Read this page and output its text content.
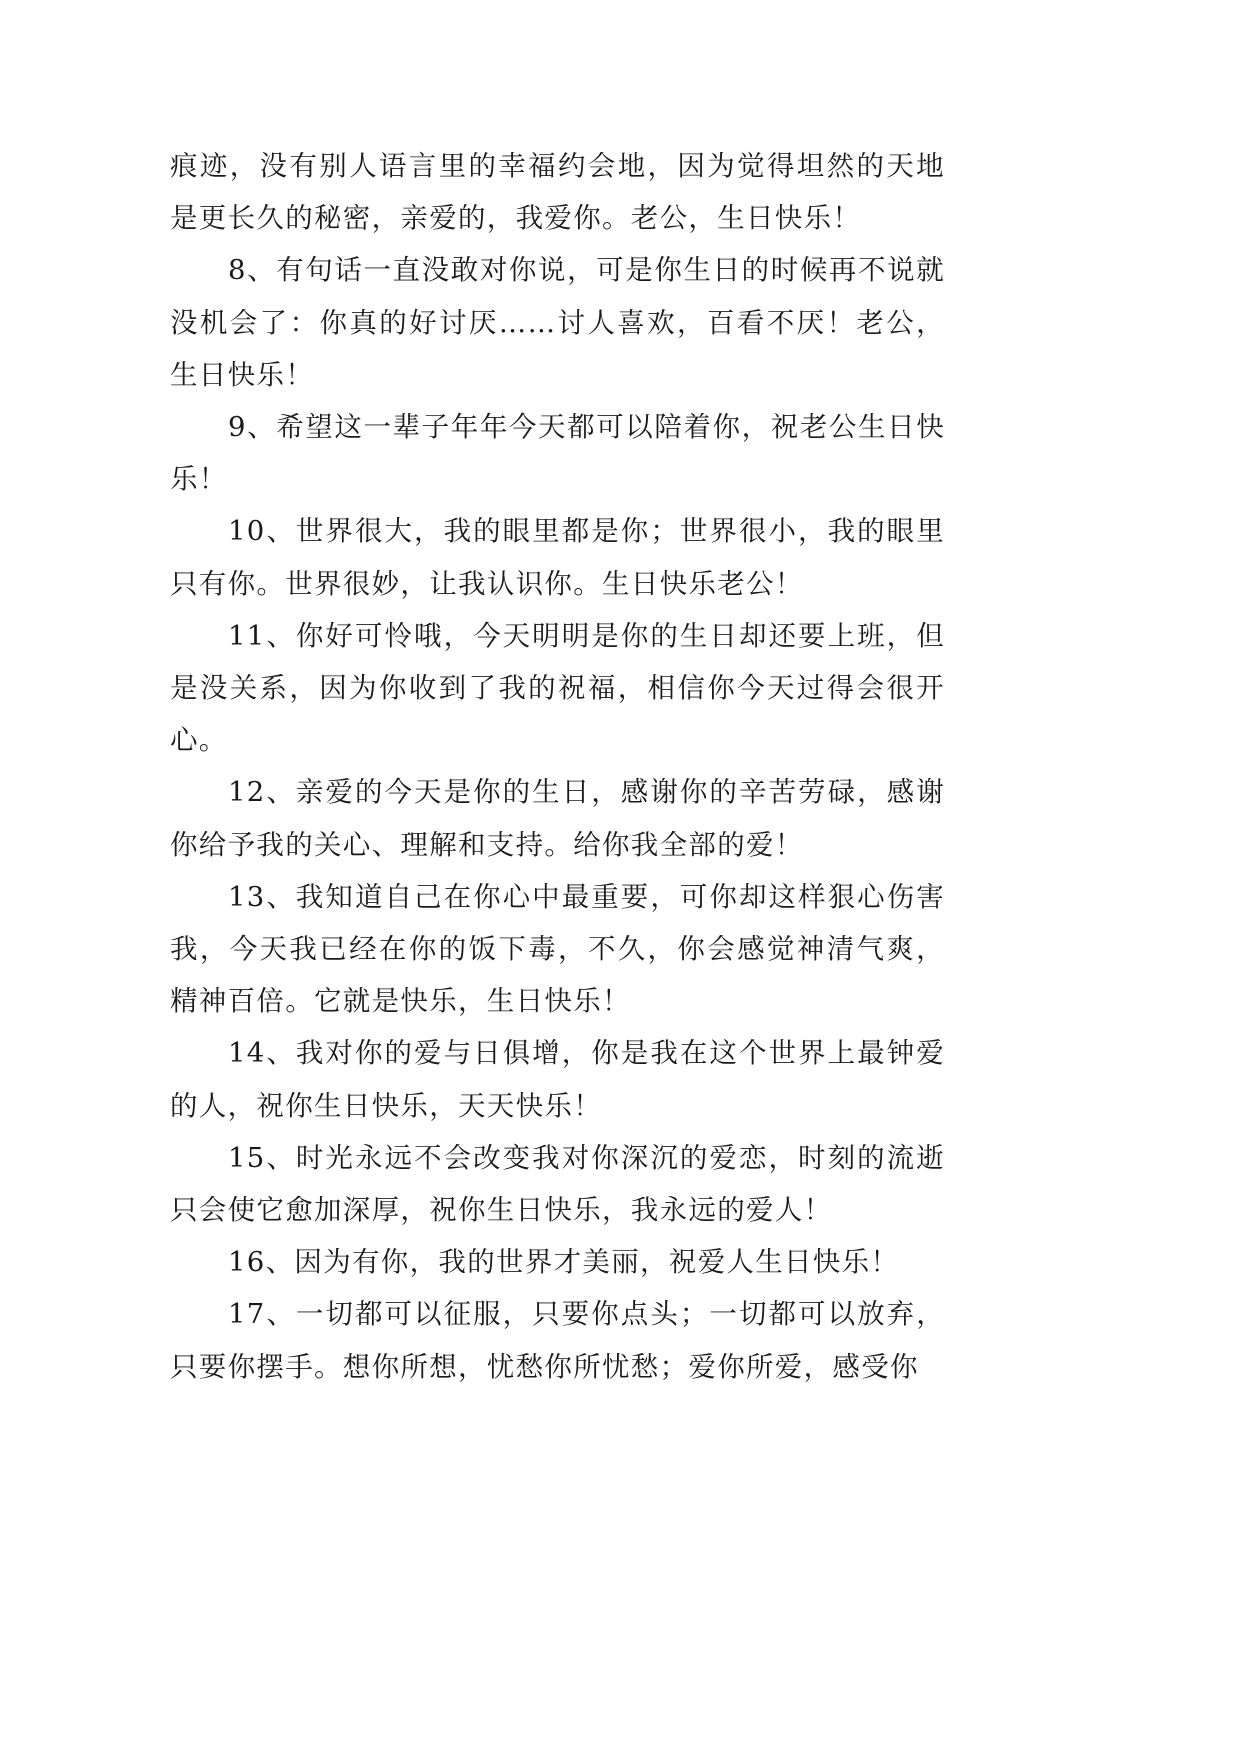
痕迹，没有别人语言里的幸福约会地，因为觉得坦然的天地是更长久的秘密，亲爱的，我爱你。老公，生日快乐！

8、有句话一直没敢对你说，可是你生日的时候再不说就没机会了：你真的好讨厌……讨人喜欢，百看不厌！老公，生日快乐！

9、希望这一辈子年年今天都可以陪着你，祝老公生日快乐！

10、世界很大，我的眼里都是你；世界很小，我的眼里只有你。世界很妙，让我认识你。生日快乐老公！

11、你好可怜哦，今天明明是你的生日却还要上班，但是没关系，因为你收到了我的祝福，相信你今天过得会很开心。

12、亲爱的今天是你的生日，感谢你的辛苦劳碌，感谢你给予我的关心、理解和支持。给你我全部的爱！

13、我知道自己在你心中最重要，可你却这样狠心伤害我，今天我已经在你的饭下毒，不久，你会感觉神清气爽，精神百倍。它就是快乐，生日快乐！

14、我对你的爱与日俱增，你是我在这个世界上最钟爱的人，祝你生日快乐，天天快乐！

15、时光永远不会改变我对你深沉的爱恋，时刻的流逝只会使它愈加深厚，祝你生日快乐，我永远的爱人！

16、因为有你，我的世界才美丽，祝爱人生日快乐！

17、一切都可以征服，只要你点头；一切都可以放弃，只要你摆手。想你所想，忧愁你所忧愁；爱你所爱，感受你
